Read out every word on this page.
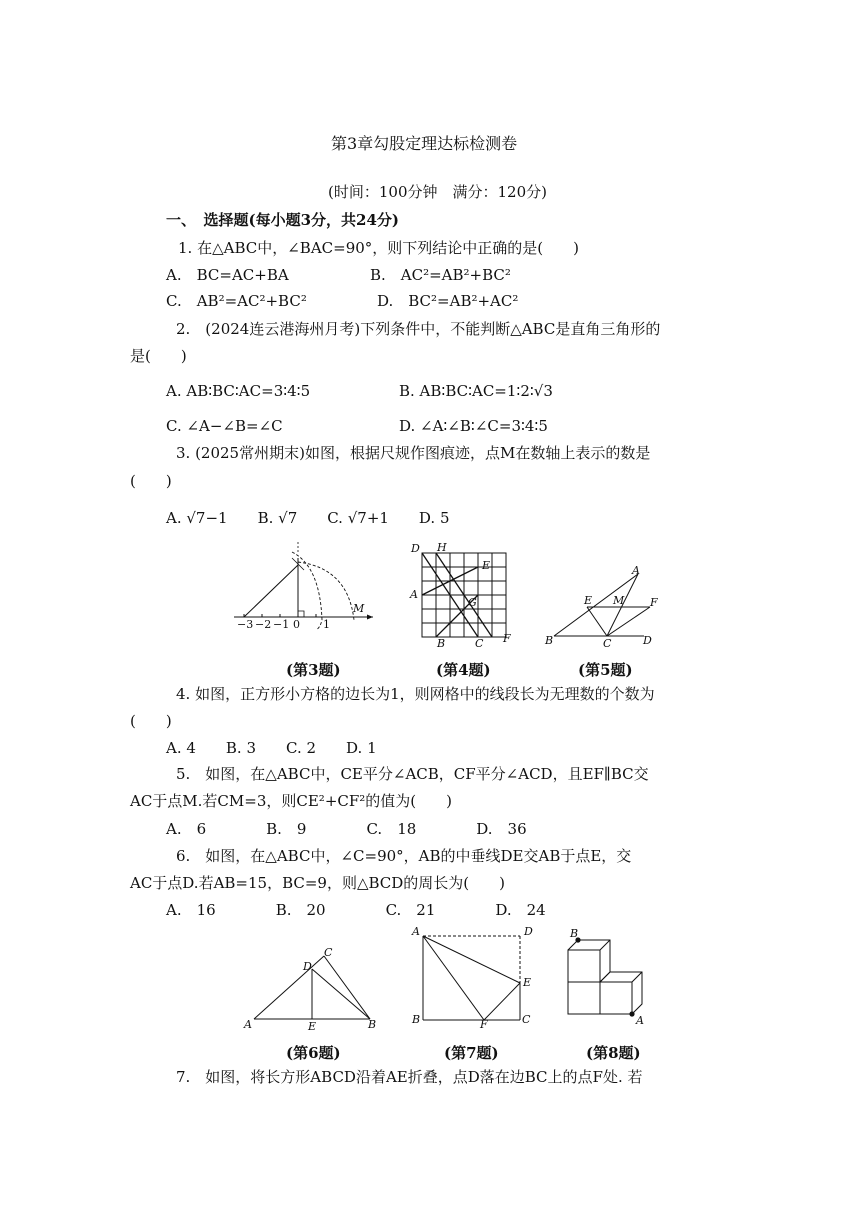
第3章勾股定理达标检测卷
(时间：100分钟　满分：120分)
一、　选择题(每小题3分，共24分)
1. 在△ABC中，∠BAC=90°，则下列结论中正确的是(　　)
A.　BC=AC+BA	B.　AC²=AB²+BC²
C.　AB²=AC²+BC²	D.　BC²=AB²+AC²
2.　(2024连云港海州月考)下列条件中，不能判断△ABC是直角三角形的
是(　　)
A. AB∶BC∶AC=3∶4∶5	B. AB∶BC∶AC=1∶2∶√3
C. ∠A−∠B=∠C	D. ∠A∶∠B∶∠C=3∶4∶5
3. (2025常州期末)如图，根据尺规作图痕迹，点M在数轴上表示的数是
(　　)
A. √7−1　　B. √7　　C. √7+1　　D. 5
−3 −2 −1 0 1
M
(第3题)
D H
E
A
G
B	C F
(第4题)
A
E M F
B	C	D
(第5题)
4. 如图，正方形小方格的边长为1，则网格中的线段长为无理数的个数为
(　　)
A. 4　　B. 3　　C. 2　　D. 1
5.　如图，在△ABC中，CE平分∠ACB，CF平分∠ACD，且EF∥BC交
AC于点M.若CM=3，则CE²+CF²的值为(　　)
A.　6　　　　B.　9　　　　C.　18　　　　D.　36
6.　如图，在△ABC中，∠C=90°，AB的中垂线DE交AB于点E，交
AC于点D.若AB=15，BC=9，则△BCD的周长为(　　)
A.　16　　　　B.　20　　　　C.　21　　　　D.　24
A	B
C
D
E
(第6题)
A	D
E
B	F	C
(第7题)
B
A
(第8题)
7.　如图，将长方形ABCD沿着AE折叠，点D落在边BC上的点F处. 若
